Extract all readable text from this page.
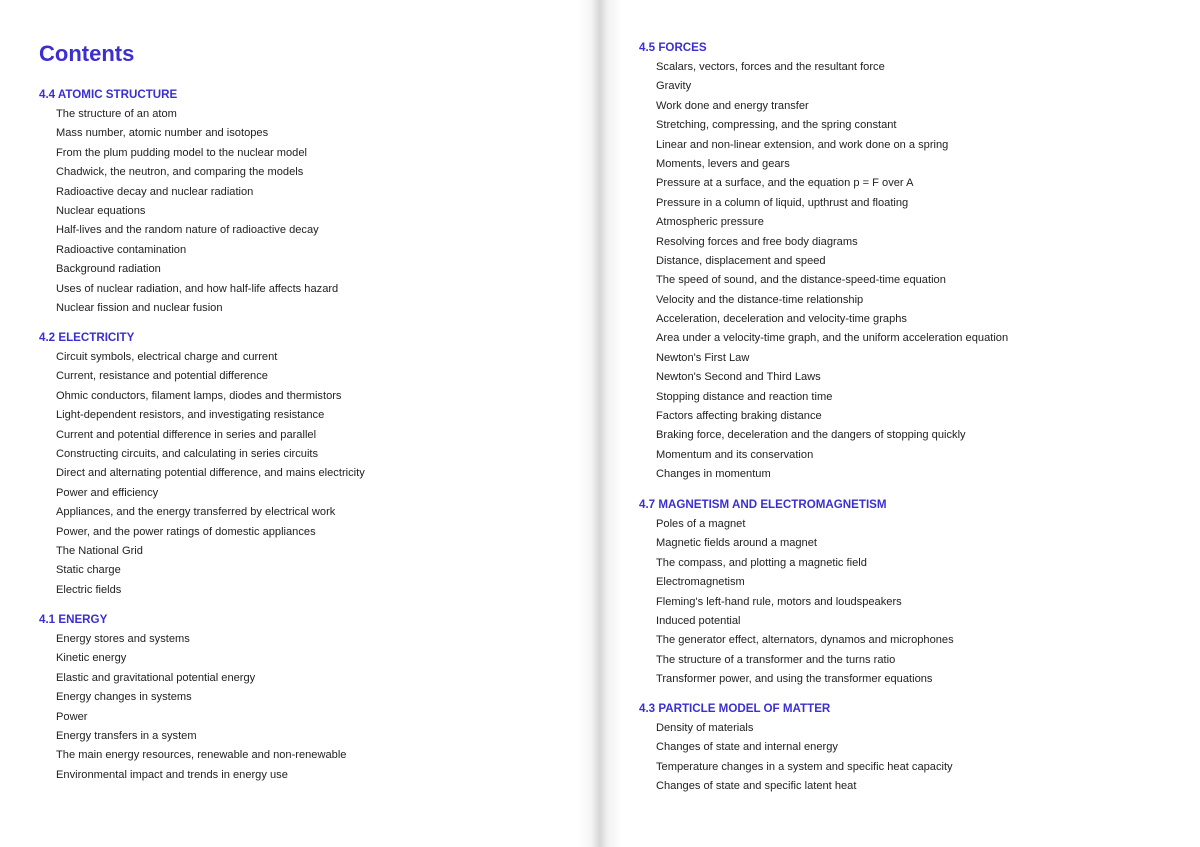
Contents
4.4 ATOMIC STRUCTURE
The structure of an atom
Mass number, atomic number and isotopes
From the plum pudding model to the nuclear model
Chadwick, the neutron, and comparing the models
Radioactive decay and nuclear radiation
Nuclear equations
Half-lives and the random nature of radioactive decay
Radioactive contamination
Background radiation
Uses of nuclear radiation, and how half-life affects hazard
Nuclear fission and nuclear fusion
4.2 ELECTRICITY
Circuit symbols, electrical charge and current
Current, resistance and potential difference
Ohmic conductors, filament lamps, diodes and thermistors
Light-dependent resistors, and investigating resistance
Current and potential difference in series and parallel
Constructing circuits, and calculating in series circuits
Direct and alternating potential difference, and mains electricity
Power and efficiency
Appliances, and the energy transferred by electrical work
Power, and the power ratings of domestic appliances
The National Grid
Static charge
Electric fields
4.1 ENERGY
Energy stores and systems
Kinetic energy
Elastic and gravitational potential energy
Energy changes in systems
Power
Energy transfers in a system
The main energy resources, renewable and non-renewable
Environmental impact and trends in energy use
4.5 FORCES
Scalars, vectors, forces and the resultant force
Gravity
Work done and energy transfer
Stretching, compressing, and the spring constant
Linear and non-linear extension, and work done on a spring
Moments, levers and gears
Pressure at a surface, and the equation p = F over A
Pressure in a column of liquid, upthrust and floating
Atmospheric pressure
Resolving forces and free body diagrams
Distance, displacement and speed
The speed of sound, and the distance-speed-time equation
Velocity and the distance-time relationship
Acceleration, deceleration and velocity-time graphs
Area under a velocity-time graph, and the uniform acceleration equation
Newton's First Law
Newton's Second and Third Laws
Stopping distance and reaction time
Factors affecting braking distance
Braking force, deceleration and the dangers of stopping quickly
Momentum and its conservation
Changes in momentum
4.7 MAGNETISM AND ELECTROMAGNETISM
Poles of a magnet
Magnetic fields around a magnet
The compass, and plotting a magnetic field
Electromagnetism
Fleming's left-hand rule, motors and loudspeakers
Induced potential
The generator effect, alternators, dynamos and microphones
The structure of a transformer and the turns ratio
Transformer power, and using the transformer equations
4.3 PARTICLE MODEL OF MATTER
Density of materials
Changes of state and internal energy
Temperature changes in a system and specific heat capacity
Changes of state and specific latent heat
